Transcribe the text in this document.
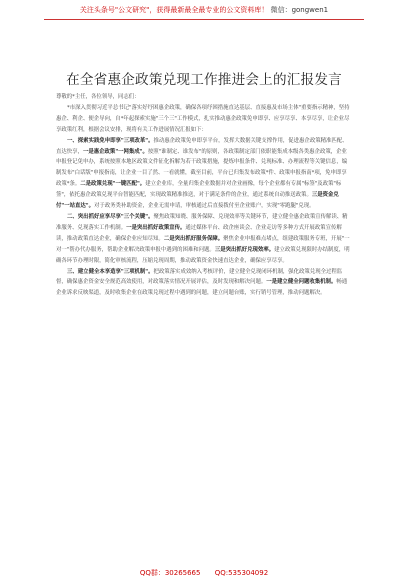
关注头条号"公文研究"，获得最新最全最专业的公文资料库！ 微信：gongwen1
在全省惠企政策兑现工作推进会上的汇报发言

尊敬的*主任，各位领导，同志们：

*市深入贯彻习近平总书记"落实好纾困惠企政策，确保各项纾困措施直达基层、直接惠及市场主体"重要指示精神，坚持惠企、利企、便企导向，自*年起探索实施"三个三"工作模式，扎实推动惠企政策免申即享、应享尽享、本享尽享，让企业尽享政策红利，根据会议安排，现将有关工作进展情况汇报如下：

一、探索实践免申即享"三项改革"。推动惠企政策免申即享平台，发挥大数据关键支撑作用，促进惠企政策精准匹配、直达快享，一是惠企政策"一网集成"。按照"谁制定、谁发布"的原则，各政策制定部门依职能集成本级各类惠企政策，企业申报登记免申办，系统按照本地区政策文件征化拆解为若干政策措施，提炼申报条件、兑现标准、办理流程等关键信息，编制发布"白话版"申报指南，让企业一目了然、一看就懂，截至目前，平台已归集发布政策*件、政策申报指南*项，免申即享政策*条。二是政策兑现"一键匹配"。建立企业库，全量归集企业数据并对企业画像，每个企业都有专属"标签"及政策"标签"，依托惠企政策兑现平台智能匹配，实现政策精准推送，对于满足条件的企业，通过系统自动推送政策。三是资金兑付"一站直达"。对于政务类补助资金，企业无需申请，审核通过后直接拨付至企业账户，实现"零跑腿"兑现。

二、突出抓好应享尽享"三个关键"。聚焦政策知晓、服务保障、兑现效率等关键环节，建立健全惠企政策宣传解读、精准服务、兑现落实工作机制。一是突出抓好政策宣传。通过媒体平台、政企座谈会、企业走访等多种方式开展政策宣传解读，推动政策直达企业，确保企业应知尽知。二是突出抓好服务保障。聚焦企业申报难点堵点，组建政策服务专班，开展"一对一"帮办代办服务，帮助企业解决政策申报中遇到的困难和问题。三是突出抓好兑现效率。建立政策兑现限时办结制度，明确各环节办理时限，简化审核流程，压缩兑现周期，推动政策资金快速直达企业，确保应享尽享。

三、建立健全本享造享"三项机制"。把政策落实成效纳入考核评价，建立健全兑现闭环机制，强化政策兑现全过程监督，确保惠企资金安全规范高效使用，对政策落实情况开展评估，及时发现和解决问题。一是建立健全问题收集机制。畅通企业诉求反映渠道，及时收集企业在政策兑现过程中遇到的问题，建立问题台账，实行销号管理，推动问题解决。

QQ群：30265665 QQ:535304092
